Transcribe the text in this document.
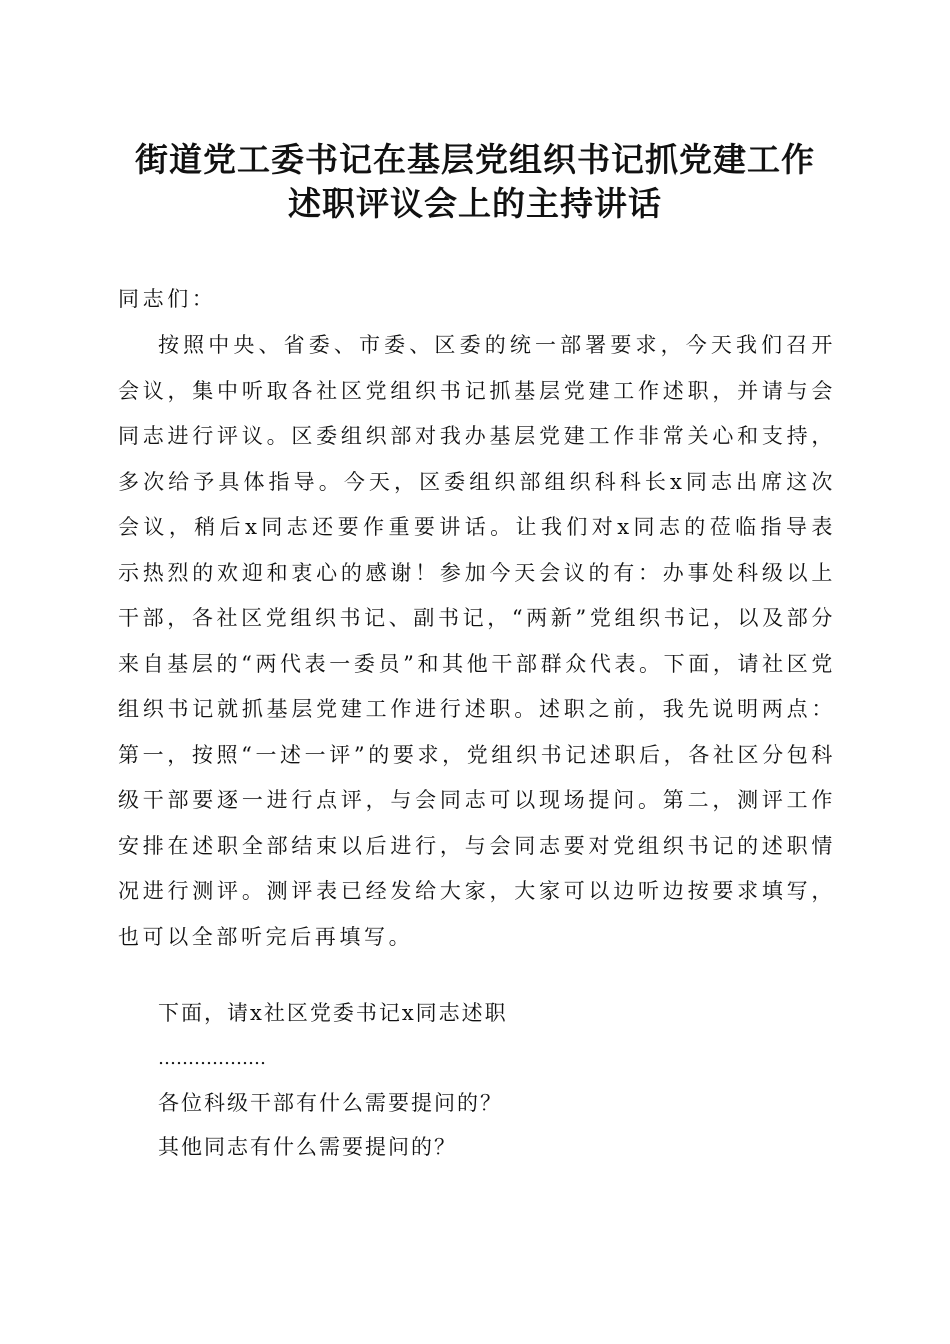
街道党工委书记在基层党组织书记抓党建工作
述职评议会上的主持讲话
同志们：

按照中央、省委、市委、区委的统一部署要求，今天我们召开会议，集中听取各社区党组织书记抓基层党建工作述职，并请与会同志进行评议。区委组织部对我办基层党建工作非常关心和支持，多次给予具体指导。今天，区委组织部组织科科长x同志出席这次会议，稍后x同志还要作重要讲话。让我们对x同志的莅临指导表示热烈的欢迎和衷心的感谢！参加今天会议的有：办事处科级以上干部，各社区党组织书记、副书记，“两新”党组织书记，以及部分来自基层的“两代表一委员”和其他干部群众代表。下面，请社区党组织书记就抓基层党建工作进行述职。述职之前，我先说明两点：第一，按照“一述一评”的要求，党组织书记述职后，各社区分包科级干部要逐一进行点评，与会同志可以现场提问。第二，测评工作安排在述职全部结束以后进行，与会同志要对党组织书记的述职情况进行测评。测评表已经发给大家，大家可以边听边按要求填写，也可以全部听完后再填写。

下面，请x社区党委书记x同志述职
………………
各位科级干部有什么需要提问的？
其他同志有什么需要提问的？
